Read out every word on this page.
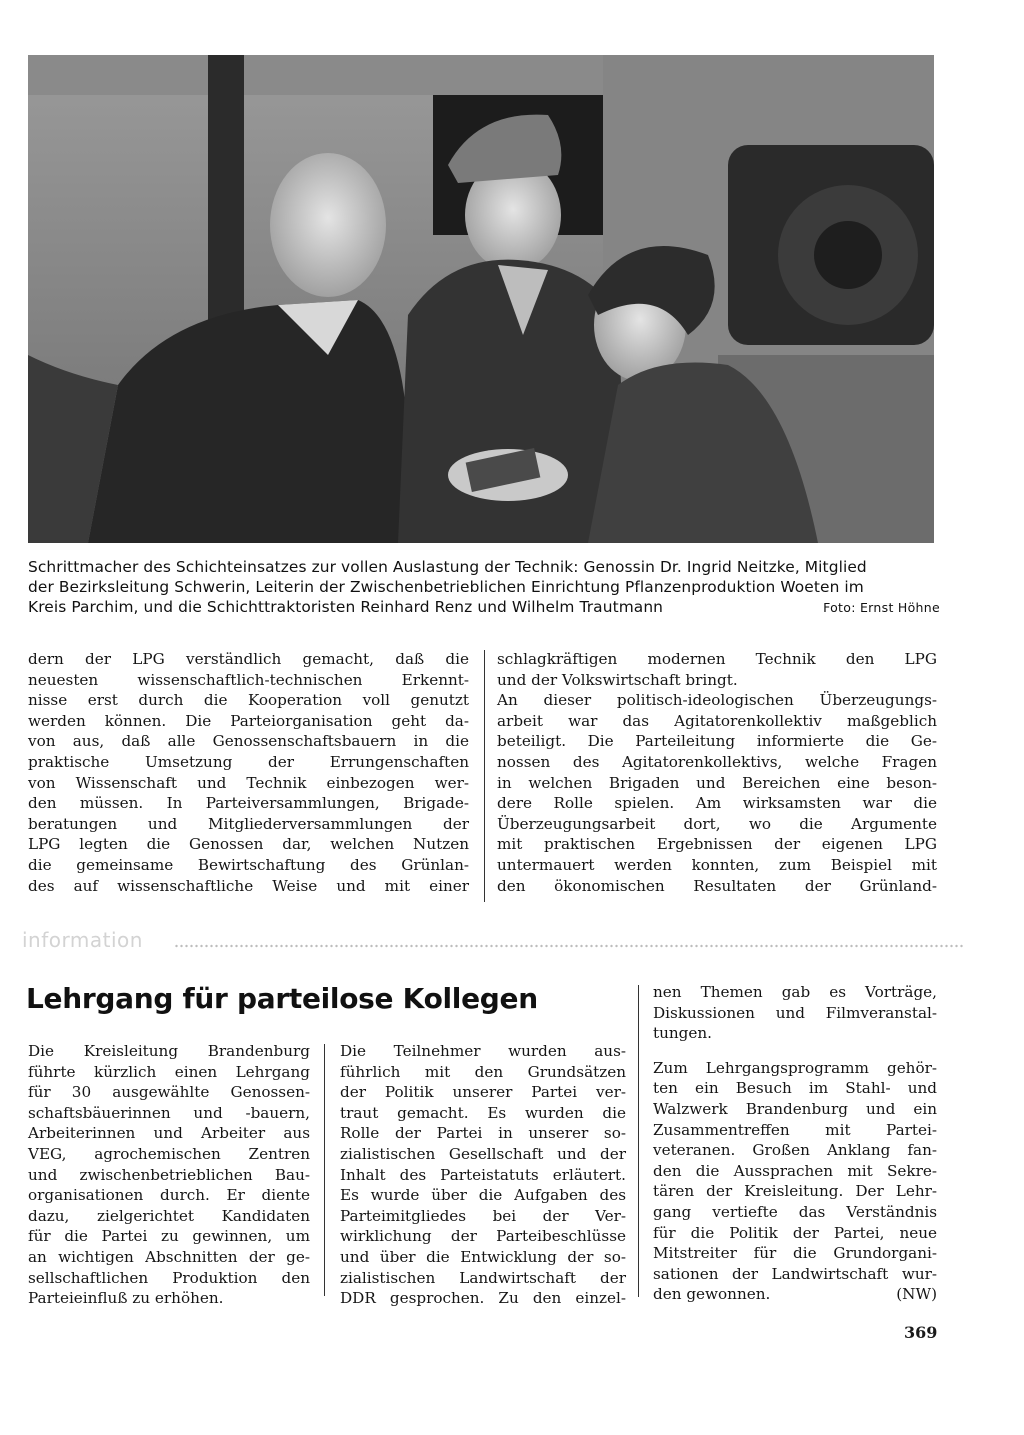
Schrittmacher des Schichteinsatzes zur vollen Auslastung der Technik: Genossin Dr. Ingrid Neitzke, Mitglied
der Bezirksleitung Schwerin, Leiterin der Zwischenbetrieblichen Einrichtung Pflanzenproduktion Woeten im
Kreis Parchim, und die Schichttraktoristen Reinhard Renz und Wilhelm Trautmann	Foto: Ernst Höhne
dern der LPG verständlich gemacht, daß die
neuesten wissenschaftlich-technischen Erkennt-
nisse erst durch die Kooperation voll genutzt
werden können. Die Parteiorganisation geht da-
von aus, daß alle Genossenschaftsbauern in die
praktische Umsetzung der Errungenschaften
von Wissenschaft und Technik einbezogen wer-
den müssen. In Parteiversammlungen, Brigade-
beratungen und Mitgliederversammlungen der
LPG legten die Genossen dar, welchen Nutzen
die gemeinsame Bewirtschaftung des Grünlan-
des auf wissenschaftliche Weise und mit einer
schlagkräftigen modernen Technik den LPG
und der Volkswirtschaft bringt.
An dieser politisch-ideologischen Überzeugungs-
arbeit war das Agitatorenkollektiv maßgeblich
beteiligt. Die Parteileitung informierte die Ge-
nossen des Agitatorenkollektivs, welche Fragen
in welchen Brigaden und Bereichen eine beson-
dere Rolle spielen. Am wirksamsten war die
Überzeugungsarbeit dort, wo die Argumente
mit praktischen Ergebnissen der eigenen LPG
untermauert werden konnten, zum Beispiel mit
den ökonomischen Resultaten der Grünland-
information
Lehrgang für parteilose Kollegen
Die Kreisleitung Brandenburg
führte kürzlich einen Lehrgang
für 30 ausgewählte Genossen-
schaftsbäuerinnen und -bauern,
Arbeiterinnen und Arbeiter aus
VEG, agrochemischen Zentren
und zwischenbetrieblichen Bau-
organisationen durch. Er diente
dazu, zielgerichtet Kandidaten
für die Partei zu gewinnen, um
an wichtigen Abschnitten der ge-
sellschaftlichen Produktion den
Parteieinfluß zu erhöhen.
Die Teilnehmer wurden aus-
führlich mit den Grundsätzen
der Politik unserer Partei ver-
traut gemacht. Es wurden die
Rolle der Partei in unserer so-
zialistischen Gesellschaft und der
Inhalt des Parteistatuts erläutert.
Es wurde über die Aufgaben des
Parteimitgliedes bei der Ver-
wirklichung der Parteibeschlüsse
und über die Entwicklung der so-
zialistischen Landwirtschaft der
DDR gesprochen. Zu den einzel-
nen Themen gab es Vorträge,
Diskussionen und Filmveranstal-
tungen.
Zum Lehrgangsprogramm gehör-
ten ein Besuch im Stahl- und
Walzwerk Brandenburg und ein
Zusammentreffen mit Partei-
veteranen. Großen Anklang fan-
den die Aussprachen mit Sekre-
tären der Kreisleitung. Der Lehr-
gang vertiefte das Verständnis
für die Politik der Partei, neue
Mitstreiter für die Grundorgani-
sationen der Landwirtschaft wur-
den gewonnen.	(NW)
369
